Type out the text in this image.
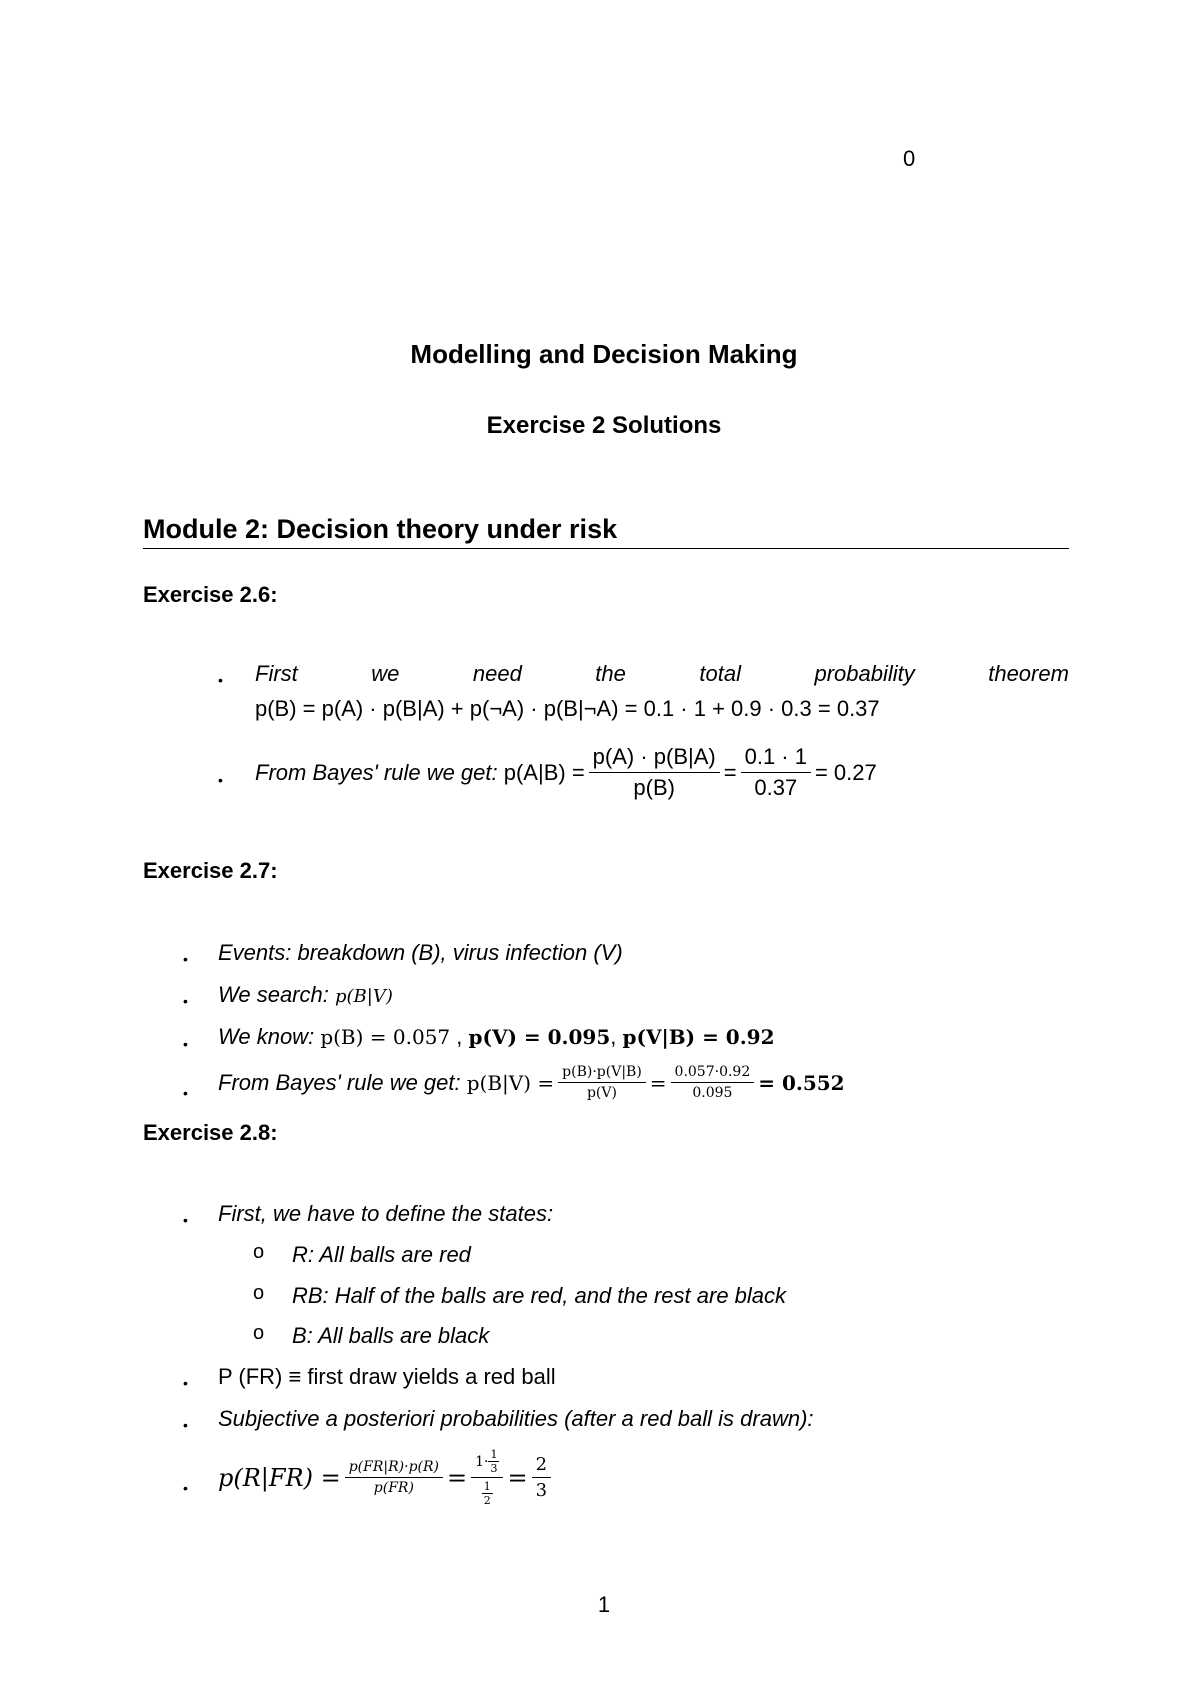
0
Modelling and Decision Making
Exercise 2 Solutions
Module 2: Decision theory under risk
Exercise 2.6:
• First	we	need	the	total	probability	theorem
p(B) = p(A) · p(B|A) + p(¬A) · p(B|¬A) = 0.1 · 1 + 0.9 · 0.3 = 0.37
• From Bayes' rule we get:
$p(A|B) = \frac{p(A) \cdot p(B|A)}{p(B)} = \frac{0.1 \cdot 1}{0.37} = 0.27$
Exercise 2.7:
• Events: breakdown (B), virus infection (V)
• We search: p(B|V)
• We know: p(B) = 0.057 , p(V) = 0.095, p(V|B) = 0.92
• From Bayes' rule we get:
$p(B|V) = \frac{p(B)\cdot p(V|B)}{p(V)} = \frac{0.057\cdot 0.92}{0.095} = 0.552$
Exercise 2.8:
• First, we have to define the states:
o R: All balls are red
o RB: Half of the balls are red, and the rest are black
o B: All balls are black
• P (FR) ≡ first draw yields a red ball
• Subjective a posteriori probabilities (after a red ball is drawn):
• $p(R|FR) = \frac{p(FR|R)\cdot p(R)}{p(FR)} = \frac{1\cdot \frac{1}{3}}{\frac{1}{2}} = \frac{2}{3}$
1
